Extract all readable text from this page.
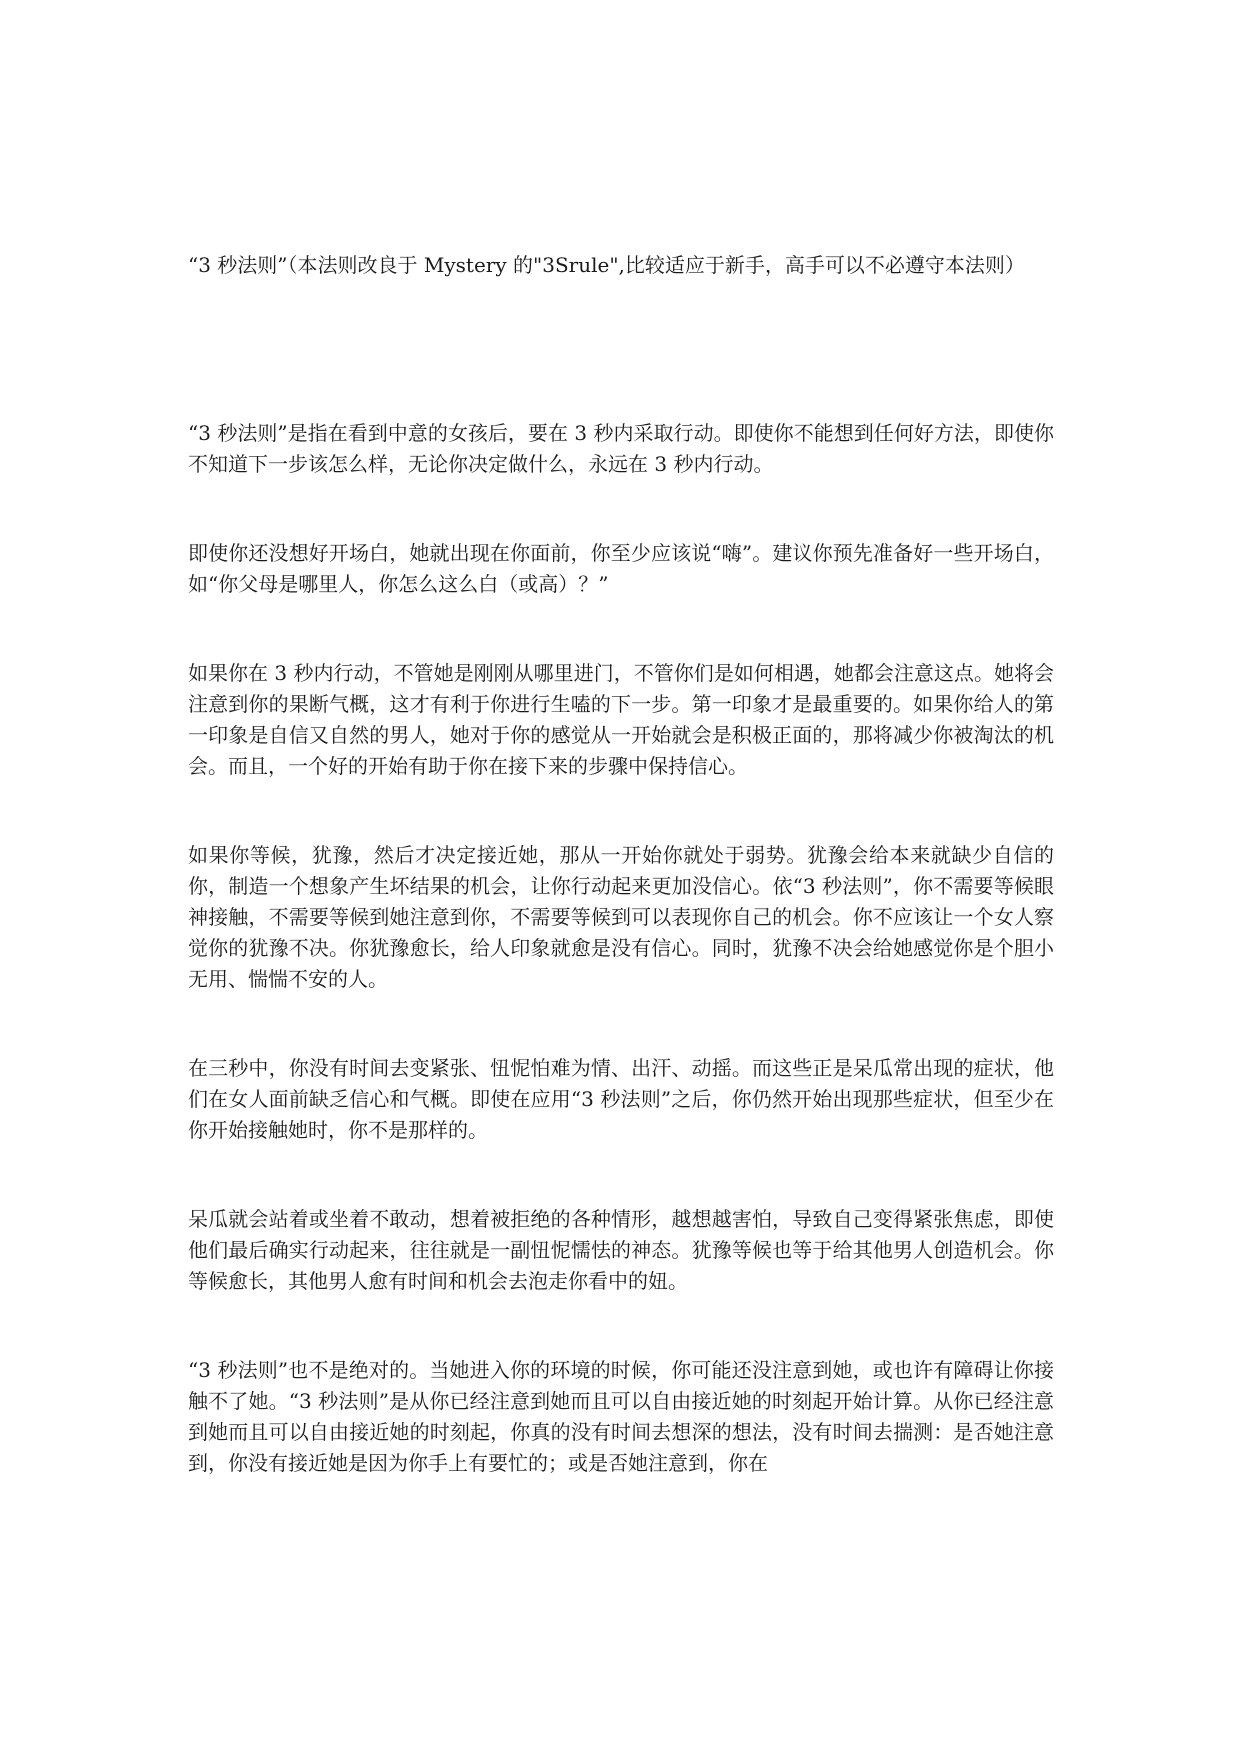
“3 秒法则”（本法则改良于 Mystery 的"3Srule",比较适应于新手，高手可以不必遵守本法则）

“3 秒法则”是指在看到中意的女孩后，要在 3 秒内采取行动。即使你不能想到任何好方法，即使你不知道下一步该怎么样，无论你决定做什么，永远在 3 秒内行动。

即使你还没想好开场白，她就出现在你面前，你至少应该说“嗨”。建议你预先准备好一些开场白，如“你父母是哪里人，你怎么这么白（或高）？”

如果你在 3 秒内行动，不管她是刚刚从哪里进门，不管你们是如何相遇，她都会注意这点。她将会注意到你的果断气概，这才有利于你进行生嗑的下一步。第一印象才是最重要的。如果你给人的第一印象是自信又自然的男人，她对于你的感觉从一开始就会是积极正面的，那将减少你被淘汰的机会。而且，一个好的开始有助于你在接下来的步骤中保持信心。

如果你等候，犹豫，然后才决定接近她，那从一开始你就处于弱势。犹豫会给本来就缺少自信的你，制造一个想象产生坏结果的机会，让你行动起来更加没信心。依“3 秒法则”，你不需要等候眼神接触，不需要等候到她注意到你，不需要等候到可以表现你自己的机会。你不应该让一个女人察觉你的犹豫不决。你犹豫愈长，给人印象就愈是没有信心。同时，犹豫不决会给她感觉你是个胆小无用、惴惴不安的人。

在三秒中，你没有时间去变紧张、忸怩怕难为情、出汗、动摇。而这些正是呆瓜常出现的症状，他们在女人面前缺乏信心和气概。即使在应用“3 秒法则”之后，你仍然开始出现那些症状，但至少在你开始接触她时，你不是那样的。

呆瓜就会站着或坐着不敢动，想着被拒绝的各种情形，越想越害怕，导致自己变得紧张焦虑，即使他们最后确实行动起来，往往就是一副忸怩懦怯的神态。犹豫等候也等于给其他男人创造机会。你等候愈长，其他男人愈有时间和机会去泡走你看中的妞。

“3 秒法则”也不是绝对的。当她进入你的环境的时候，你可能还没注意到她，或也许有障碍让你接触不了她。“3 秒法则”是从你已经注意到她而且可以自由接近她的时刻起开始计算。从你已经注意到她而且可以自由接近她的时刻起，你真的没有时间去想深的想法，没有时间去揣测：是否她注意到，你没有接近她是因为你手上有要忙的；或是否她注意到，你在
